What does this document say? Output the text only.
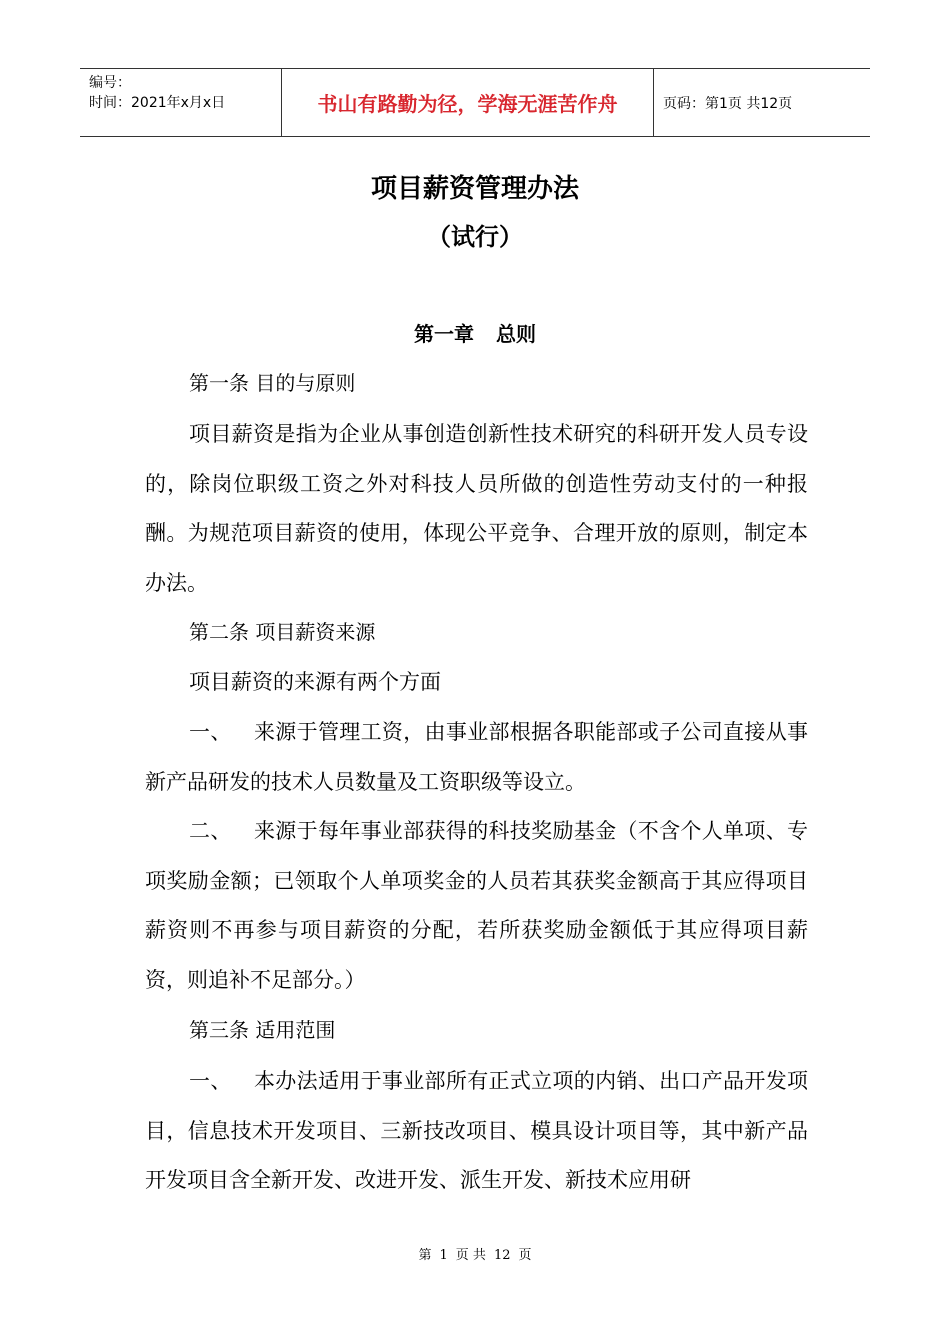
编号：
时间：2021年x月x日	书山有路勤为径，学海无涯苦作舟	页码：第1页 共12页
项目薪资管理办法
（试行）
第一章 总则
第一条 目的与原则
项目薪资是指为企业从事创造创新性技术研究的科研开发人员专设的，除岗位职级工资之外对科技人员所做的创造性劳动支付的一种报酬。为规范项目薪资的使用，体现公平竞争、合理开放的原则，制定本办法。
第二条 项目薪资来源
项目薪资的来源有两个方面
一、 来源于管理工资，由事业部根据各职能部或子公司直接从事新产品研发的技术人员数量及工资职级等设立。
二、 来源于每年事业部获得的科技奖励基金（不含个人单项、专项奖励金额；已领取个人单项奖金的人员若其获奖金额高于其应得项目薪资则不再参与项目薪资的分配，若所获奖励金额低于其应得项目薪资，则追补不足部分。）
第三条 适用范围
一、 本办法适用于事业部所有正式立项的内销、出口产品开发项目，信息技术开发项目、三新技改项目、模具设计项目等，其中新产品开发项目含全新开发、改进开发、派生开发、新技术应用研
第 1 页 共 12 页
